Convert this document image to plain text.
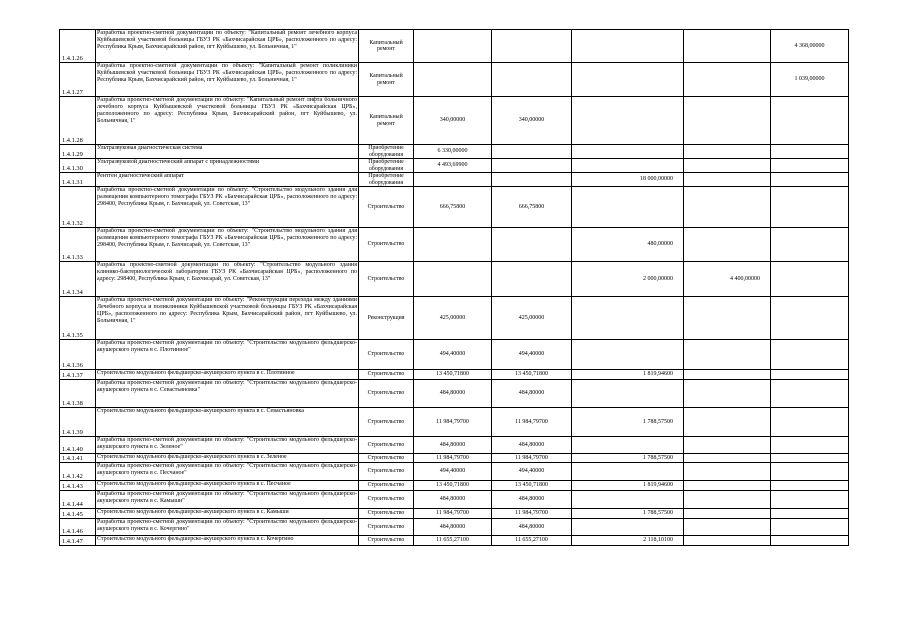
1.4.1.26	Разработка проектно-сметной документации по объекту: "Капитальный ремонт лечебного корпуса Куйбышевской участковой больницы ГБУЗ РК «Бахчисарайская ЦРБ», расположенного по адресу: Республика Крым, Бахчисарайский район, пгт Куйбышево, ул. Больничная, 1"	Капитальный ремонт					4 368,00000
1.4.1.27	Разработка проектно-сметной документации по объекту: "Капитальный ремонт поликлиники Куйбышевской участковой больницы ГБУЗ РК «Бахчисарайская ЦРБ», расположенного по адресу: Республика Крым, Бахчисарайский район, пгт Куйбышево, ул. Больничная, 1"	Капитальный ремонт					1 039,00000
1.4.1.28	Разработка проектно-сметной документации по объекту: "Капитальный ремонт лифта больничного лечебного корпуса Куйбышевской участковой больницы ГБУЗ РК «Бахчисарайская ЦРБ», расположенного по адресу: Республика Крым, Бахчисарайский район, пгт Куйбышево, ул. Больничная, 1"	Капитальный ремонт	340,00000	340,00000			
1.4.1.29	Ультразвуковая диагностическая система	Приобретение оборудования	6 330,00000				
1.4.1.30	Ультразвуковой диагностический аппарат с принадлежностями	Приобретение оборудования	4 493,69900				
1.4.1.31	Рентген диагностический аппарат	Приобретение оборудования			18 000,00000		
1.4.1.32	Разработка проектно-сметной документации по объекту: "Строительство модульного здания для размещения компьютерного томографа ГБУЗ РК «Бахчисарайская ЦРБ», расположенного по адресу: 298400, Республика Крым, г. Бахчисарай, ул. Советская, 13"	Строительство	666,75800	666,75800			
1.4.1.33	Разработка проектно-сметной документации по объекту: "Строительство модульного здания для размещения компьютерного томографа ГБУЗ РК «Бахчисарайская ЦРБ», расположенного по адресу: 298400, Республика Крым, г. Бахчисарай, ул. Советская, 13"	Строительство			480,00000		
1.4.1.34	Разработка проектно-сметной документации по объекту: "Строительство модульного здания клинико-бактериологической лаборатории ГБУЗ РК «Бахчисарайская ЦРБ», расположенного по адресу: 298400, Республика Крым, г. Бахчисарай, ул. Советская, 13"	Строительство			2 000,00000	4 400,00000	
1.4.1.35	Разработка проектно-сметной документации по объекту: "Реконструкция перехода между зданиями Лечебного корпуса и поликлиники Куйбышевской участковой больницы ГБУЗ РК «Бахчисарайская ЦРБ», расположенного по адресу: Республика Крым, Бахчисарайский район, пгт Куйбышево, ул. Больничная, 1"	Реконструкция	425,00000	425,00000			
1.4.1.36	Разработка проектно-сметной документации по объекту: "Строительство модульного фельдшерско-акушерского пункта в с. Плотинное"	Строительство	494,40000	494,40000			
1.4.1.37	Строительство модульного фельдшерско-акушерского пункта в с. Плотинное	Строительство	13 450,71800	13 450,71800	1 819,94600		
1.4.1.38	Разработка проектно-сметной документации по объекту: "Строительство модульного фельдшерско-акушерского пункта в с. Севастьяновка"	Строительство	484,80000	484,80000			
1.4.1.39	Строительство модульного фельдшерско-акушерского пункта в с. Севастьяновка	Строительство	11 984,79700	11 984,79700	1 788,57500		
1.4.1.40	Разработка проектно-сметной документации по объекту: "Строительство модульного фельдшерско-акушерского пункта в с. Зеленое"	Строительство	484,80000	484,80000			
1.4.1.41	Строительство модульного фельдшерско-акушерского пункта в с. Зеленое	Строительство	11 984,79700	11 984,79700	1 788,57500		
1.4.1.42	Разработка проектно-сметной документации по объекту: "Строительство модульного фельдшерско-акушерского пункта в с. Песчаное"	Строительство	494,40000	494,40000			
1.4.1.43	Строительство модульного фельдшерско-акушерского пункта в с. Песчаное	Строительство	13 450,71800	13 450,71800	1 819,94600		
1.4.1.44	Разработка проектно-сметной документации по объекту: "Строительство модульного фельдшерско-акушерского пункта в с. Камыши"	Строительство	484,80000	484,80000			
1.4.1.45	Строительство модульного фельдшерско-акушерского пункта в с. Камыши	Строительство	11 984,79700	11 984,79700	1 788,57500		
1.4.1.46	Разработка проектно-сметной документации по объекту: "Строительство модульного фельдшерско-акушерского пункта в с. Кочергино"	Строительство	484,80000	484,80000			
1.4.1.47	Строительство модульного фельдшерско-акушерского пункта в с. Кочергино	Строительство	11 655,27100	11 655,27100	2 118,10100		
